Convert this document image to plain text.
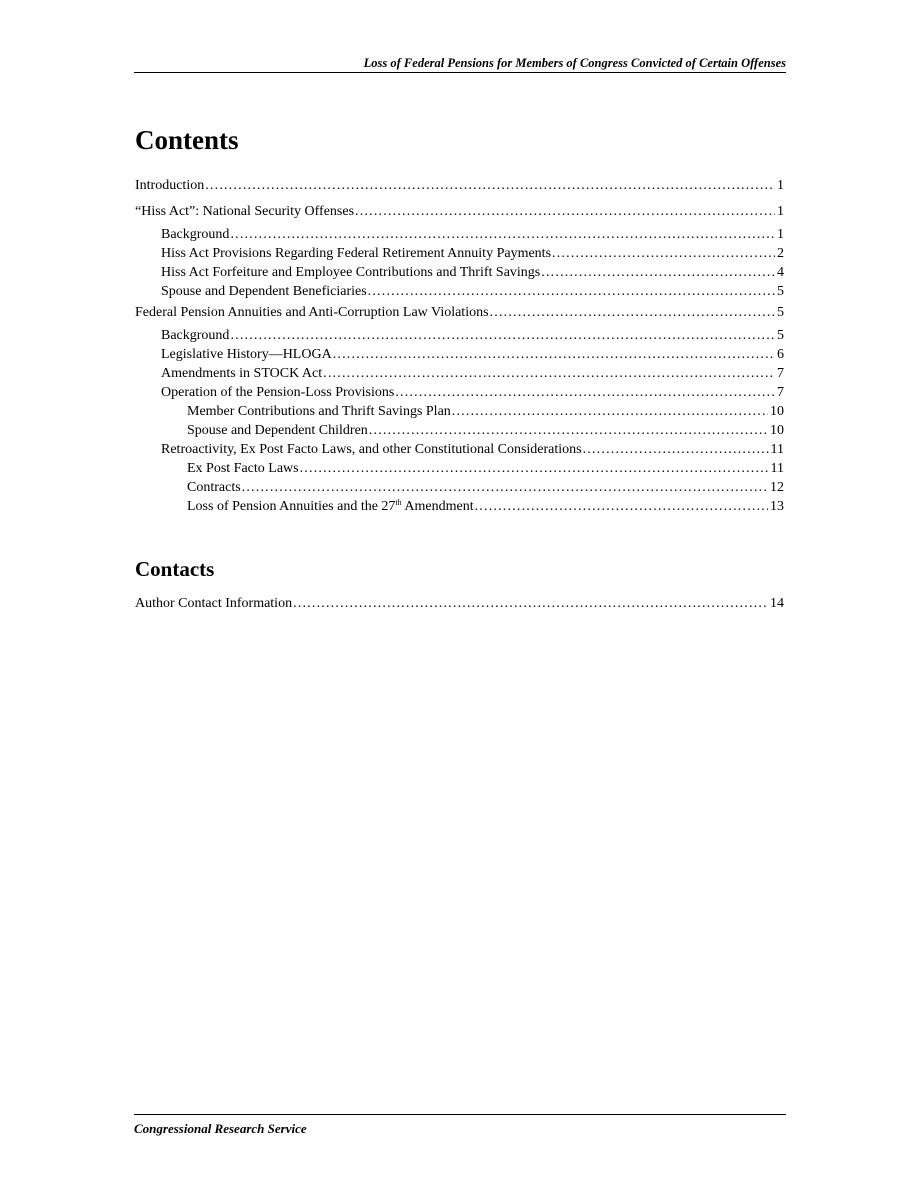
Loss of Federal Pensions for Members of Congress Convicted of Certain Offenses
Contents
Introduction .....	1
“Hiss Act”: National Security Offenses .....	1
Background .....	1
Hiss Act Provisions Regarding Federal Retirement Annuity Payments .....	2
Hiss Act Forfeiture and Employee Contributions and Thrift Savings .....	4
Spouse and Dependent Beneficiaries .....	5
Federal Pension Annuities and Anti-Corruption Law Violations .....	5
Background .....	5
Legislative History—HLOGA .....	6
Amendments in STOCK Act .....	7
Operation of the Pension-Loss Provisions .....	7
Member Contributions and Thrift Savings Plan .....	10
Spouse and Dependent Children .....	10
Retroactivity, Ex Post Facto Laws, and other Constitutional Considerations .....	11
Ex Post Facto Laws .....	11
Contracts .....	12
Loss of Pension Annuities and the 27th Amendment .....	13
Contacts
Author Contact Information .....	14
Congressional Research Service
